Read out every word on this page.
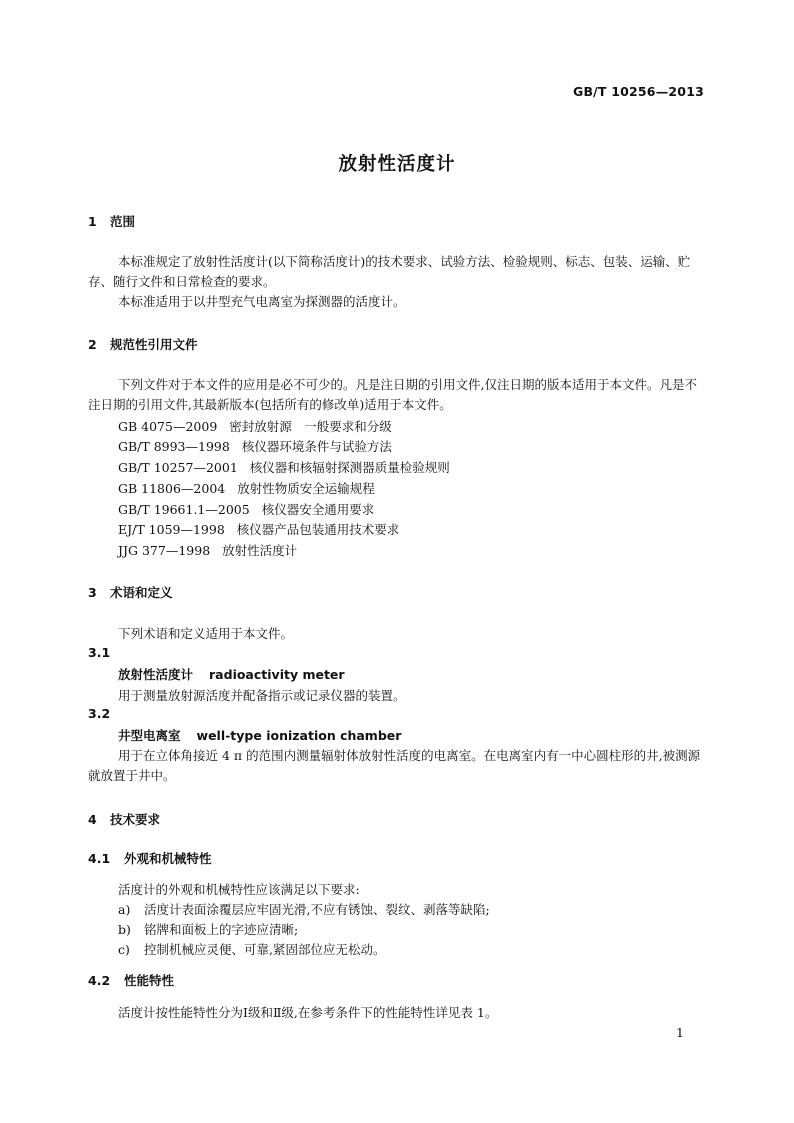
GB/T 10256—2013
放射性活度计
1 范围
本标准规定了放射性活度计(以下简称活度计)的技术要求、试验方法、检验规则、标志、包装、运输、贮存、随行文件和日常检查的要求。
本标准适用于以井型充气电离室为探测器的活度计。
2 规范性引用文件
下列文件对于本文件的应用是必不可少的。凡是注日期的引用文件,仅注日期的版本适用于本文件。凡是不注日期的引用文件,其最新版本(包括所有的修改单)适用于本文件。
GB 4075—2009 密封放射源　一般要求和分级
GB/T 8993—1998 核仪器环境条件与试验方法
GB/T 10257—2001 核仪器和核辐射探测器质量检验规则
GB 11806—2004 放射性物质安全运输规程
GB/T 19661.1—2005 核仪器安全通用要求
EJ/T 1059—1998 核仪器产品包装通用技术要求
JJG 377—1998 放射性活度计
3 术语和定义
下列术语和定义适用于本文件。
3.1
放射性活度计 radioactivity meter
用于测量放射源活度并配备指示或记录仪器的装置。
3.2
井型电离室 well-type ionization chamber
用于在立体角接近 4 π 的范围内测量辐射体放射性活度的电离室。在电离室内有一中心圆柱形的井,被测源就放置于井中。
4 技术要求
4.1 外观和机械特性
活度计的外观和机械特性应该满足以下要求:
a) 活度计表面涂覆层应牢固光滑,不应有锈蚀、裂纹、剥落等缺陷;
b) 铭牌和面板上的字迹应清晰;
c) 控制机械应灵便、可靠,紧固部位应无松动。
4.2 性能特性
活度计按性能特性分为Ⅰ级和Ⅱ级,在参考条件下的性能特性详见表 1。
1
